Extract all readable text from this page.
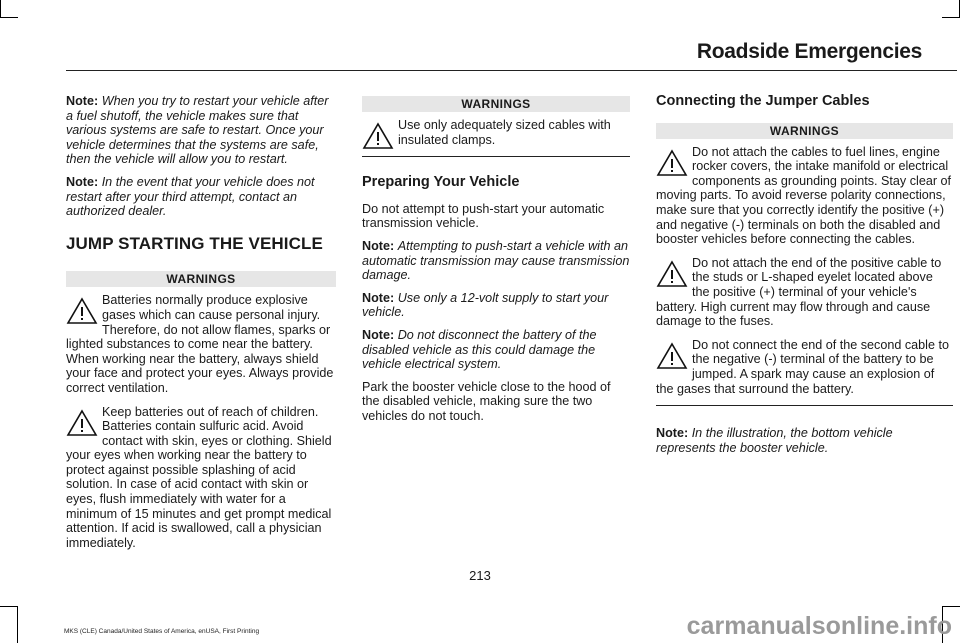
Roadside Emergencies

Note: When you try to restart your vehicle after a fuel shutoff, the vehicle makes sure that various systems are safe to restart. Once your vehicle determines that the systems are safe, then the vehicle will allow you to restart.

Note: In the event that your vehicle does not restart after your third attempt, contact an authorized dealer.

JUMP STARTING THE VEHICLE
WARNINGS
Batteries normally produce explosive gases which can cause personal injury. Therefore, do not allow flames, sparks or lighted substances to come near the battery. When working near the battery, always shield your face and protect your eyes. Always provide correct ventilation.
Keep batteries out of reach of children. Batteries contain sulfuric acid. Avoid contact with skin, eyes or clothing. Shield your eyes when working near the battery to protect against possible splashing of acid solution. In case of acid contact with skin or eyes, flush immediately with water for a minimum of 15 minutes and get prompt medical attention. If acid is swallowed, call a physician immediately.
WARNINGS
Use only adequately sized cables with insulated clamps.
Preparing Your Vehicle

Do not attempt to push-start your automatic transmission vehicle.

Note: Attempting to push-start a vehicle with an automatic transmission may cause transmission damage.

Note: Use only a 12-volt supply to start your vehicle.

Note: Do not disconnect the battery of the disabled vehicle as this could damage the vehicle electrical system.

Park the booster vehicle close to the hood of the disabled vehicle, making sure the two vehicles do not touch.

Connecting the Jumper Cables
WARNINGS
Do not attach the cables to fuel lines, engine rocker covers, the intake manifold or electrical components as grounding points. Stay clear of moving parts. To avoid reverse polarity connections, make sure that you correctly identify the positive (+) and negative (-) terminals on both the disabled and booster vehicles before connecting the cables.
Do not attach the end of the positive cable to the studs or L-shaped eyelet located above the positive (+) terminal of your vehicle's battery. High current may flow through and cause damage to the fuses.
Do not connect the end of the second cable to the negative (-) terminal of the battery to be jumped. A spark may cause an explosion of the gases that surround the battery.

Note: In the illustration, the bottom vehicle represents the booster vehicle.

213
MKS (CLE) Canada/United States of America, enUSA, First Printing	carmanualsonline.info
